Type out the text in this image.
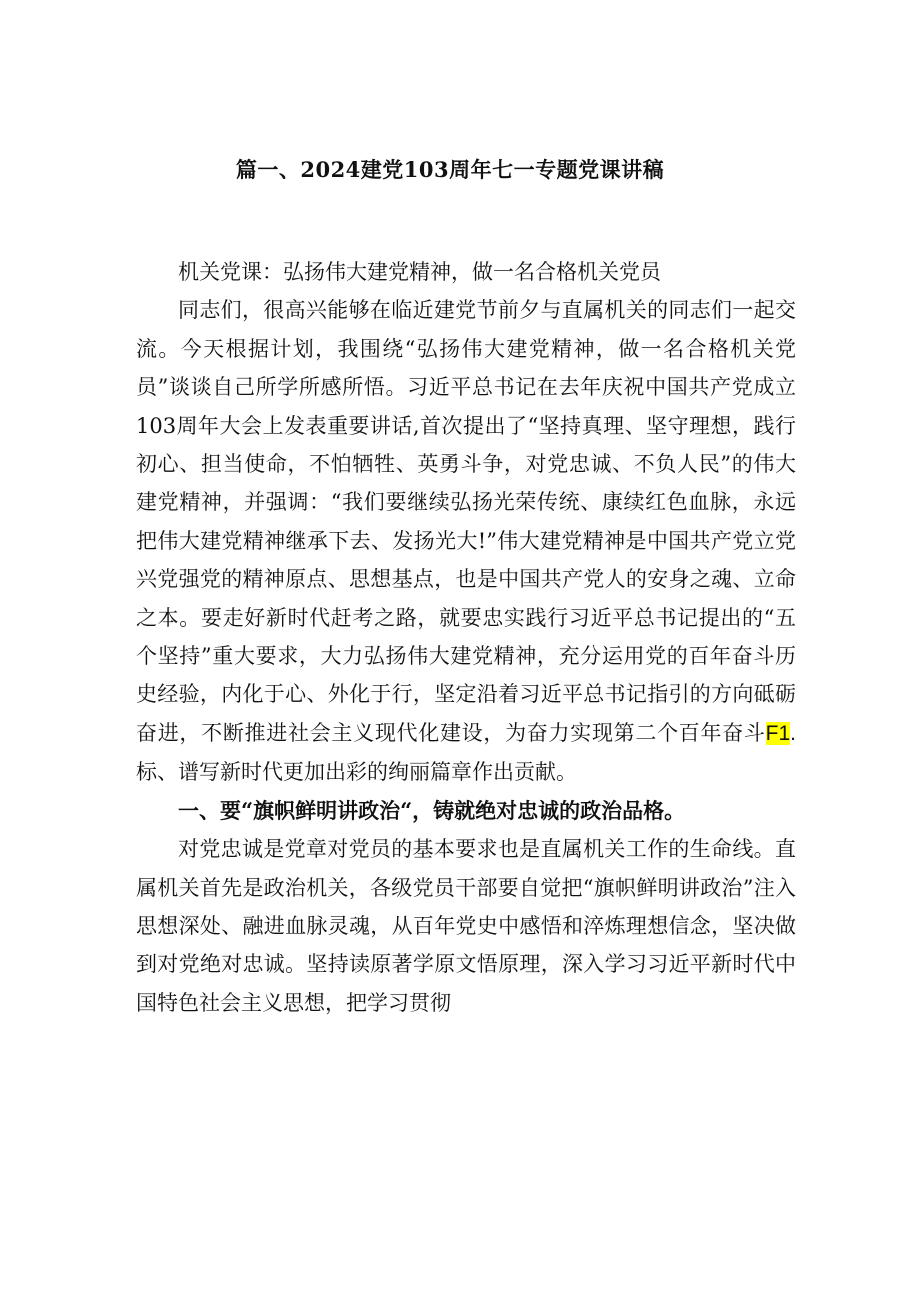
篇一、2024建党103周年七一专题党课讲稿

机关党课：弘扬伟大建党精神，做一名合格机关党员

同志们，很高兴能够在临近建党节前夕与直属机关的同志们一起交流。今天根据计划，我围绕“弘扬伟大建党精神，做一名合格机关党员”谈谈自己所学所感所悟。习近平总书记在去年庆祝中国共产党成立103周年大会上发表重要讲话,首次提出了“坚持真理、坚守理想，践行初心、担当使命，不怕牺牲、英勇斗争，对党忠诚、不负人民”的伟大建党精神，并强调：“我们要继续弘扬光荣传统、康续红色血脉，永远把伟大建党精神继承下去、发扬光大!”伟大建党精神是中国共产党立党兴党强党的精神原点、思想基点，也是中国共产党人的安身之魂、立命之本。要走好新时代赶考之路，就要忠实践行习近平总书记提出的“五个坚持”重大要求，大力弘扬伟大建党精神，充分运用党的百年奋斗历史经验，内化于心、外化于行，坚定沿着习近平总书记指引的方向砥砺奋进，不断推进社会主义现代化建设，为奋力实现第二个百年奋斗F1.标、谱写新时代更加出彩的绚丽篇章作出贡献。

一、要“旗帜鲜明讲政治“，铸就绝对忠诚的政治品格。

对党忠诚是党章对党员的基本要求也是直属机关工作的生命线。直属机关首先是政治机关，各级党员干部要自觉把“旗帜鲜明讲政治”注入思想深处、融进血脉灵魂，从百年党史中感悟和淬炼理想信念，坚决做到对党绝对忠诚。坚持读原著学原文悟原理，深入学习习近平新时代中国特色社会主义思想，把学习贯彻
